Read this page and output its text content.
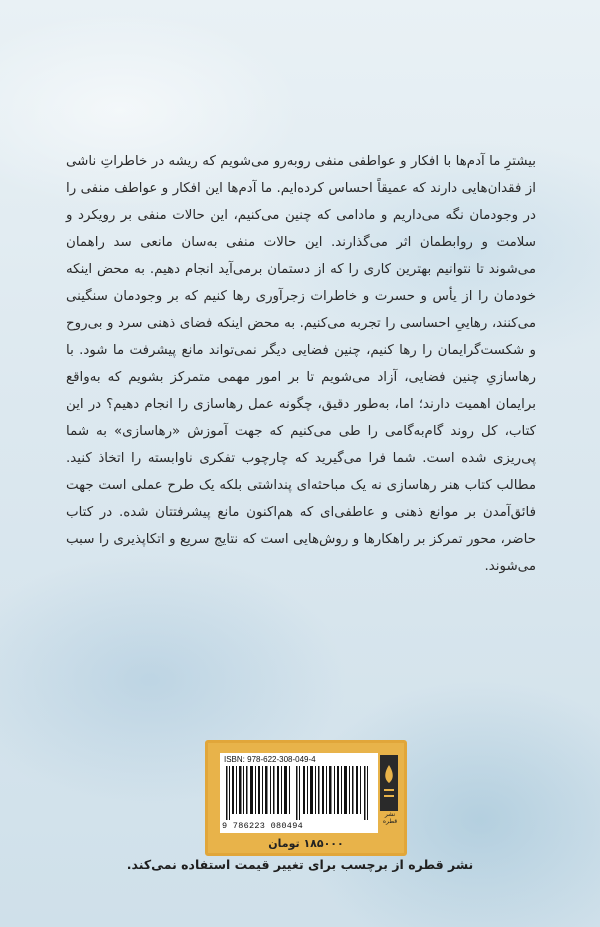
بیشترِ ما آدم‌ها با افکار و عواطفی منفی روبه‌رو می‌شویم که ریشه در خاطراتِ ناشی از فقدان‌هایی دارند که عمیقاً احساس کرده‌ایم. ما آدم‌ها این افکار و عواطف منفی را در وجودمان نگه می‌داریم و مادامی که چنین می‌کنیم، این حالات منفی بر رویکرد و سلامت و روابطمان اثر می‌گذارند. این حالات منفی به‌سان مانعی سد راهمان می‌شوند تا نتوانیم بهترین کاری را که از دستمان برمی‌آید انجام دهیم. به محض اینکه خودمان را از یأس و حسرت و خاطرات زجرآوری رها کنیم که بر وجودمان سنگینی می‌کنند، رهاییِ احساسی را تجربه می‌کنیم. به محض اینکه فضای ذهنی سرد و بی‌روح و شکست‌گرایمان را رها کنیم، چنین فضایی دیگر نمی‌تواند مانع پیشرفت ما شود. با رهاسازیِ چنین فضایی، آزاد می‌شویم تا بر امور مهمی متمرکز بشویم که به‌واقع برایمان اهمیت دارند؛ اما، به‌طور دقیق، چگونه عمل رهاسازی را انجام دهیم؟ در این کتاب، کل روند گام‌به‌گامی را طی می‌کنیم که جهت آموزش «رهاسازی» به شما پی‌ریزی شده است. شما فرا می‌گیرید که چارچوب تفکری ناوابسته را اتخاذ کنید. مطالب کتاب هنر رهاسازی نه یک مباحثه‌ای پنداشتی بلکه یک طرح عملی است جهت فائق‌آمدن بر موانع ذهنی و عاطفی‌ای که هم‌اکنون مانع پیشرفتتان شده. در کتاب حاضر، محور تمرکز بر راهکارها و روش‌هایی است که نتایج سریع و اتکاپذیری را سبب می‌شوند.

ISBN: 978-622-308-049-4
9 786223 080494
نشر قطره
۱۸۵۰۰۰ تومان
نشر قطره از برچسب برای تغییر قیمت استفاده نمی‌کند.
